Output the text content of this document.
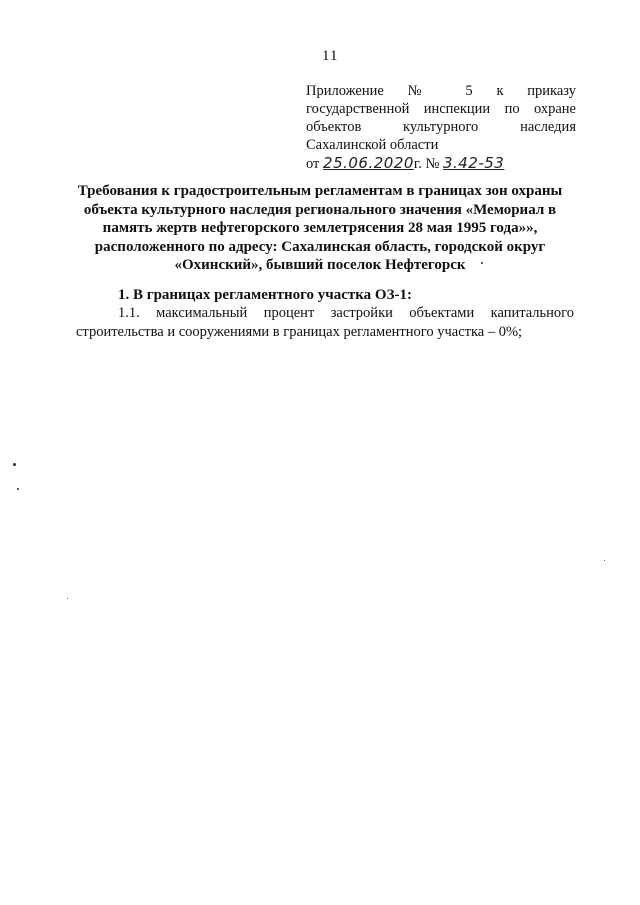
11
Приложение № 5 к приказу
государственной инспекции по охране
объектов культурного наследия
Сахалинской области
от 25.06.2020г. № 3.42-53
Требования к градостроительным регламентам в границах зон охраны
объекта культурного наследия регионального значения «Мемориал в
память жертв нефтегорского землетрясения 28 мая 1995 года»»,
расположенного по адресу: Сахалинская область, городской округ
«Охинский», бывший поселок Нефтегорск
1. В границах регламентного участка ОЗ-1:
1.1. максимальный процент застройки объектами капитального
строительства и сооружениями в границах регламентного участка – 0%;
